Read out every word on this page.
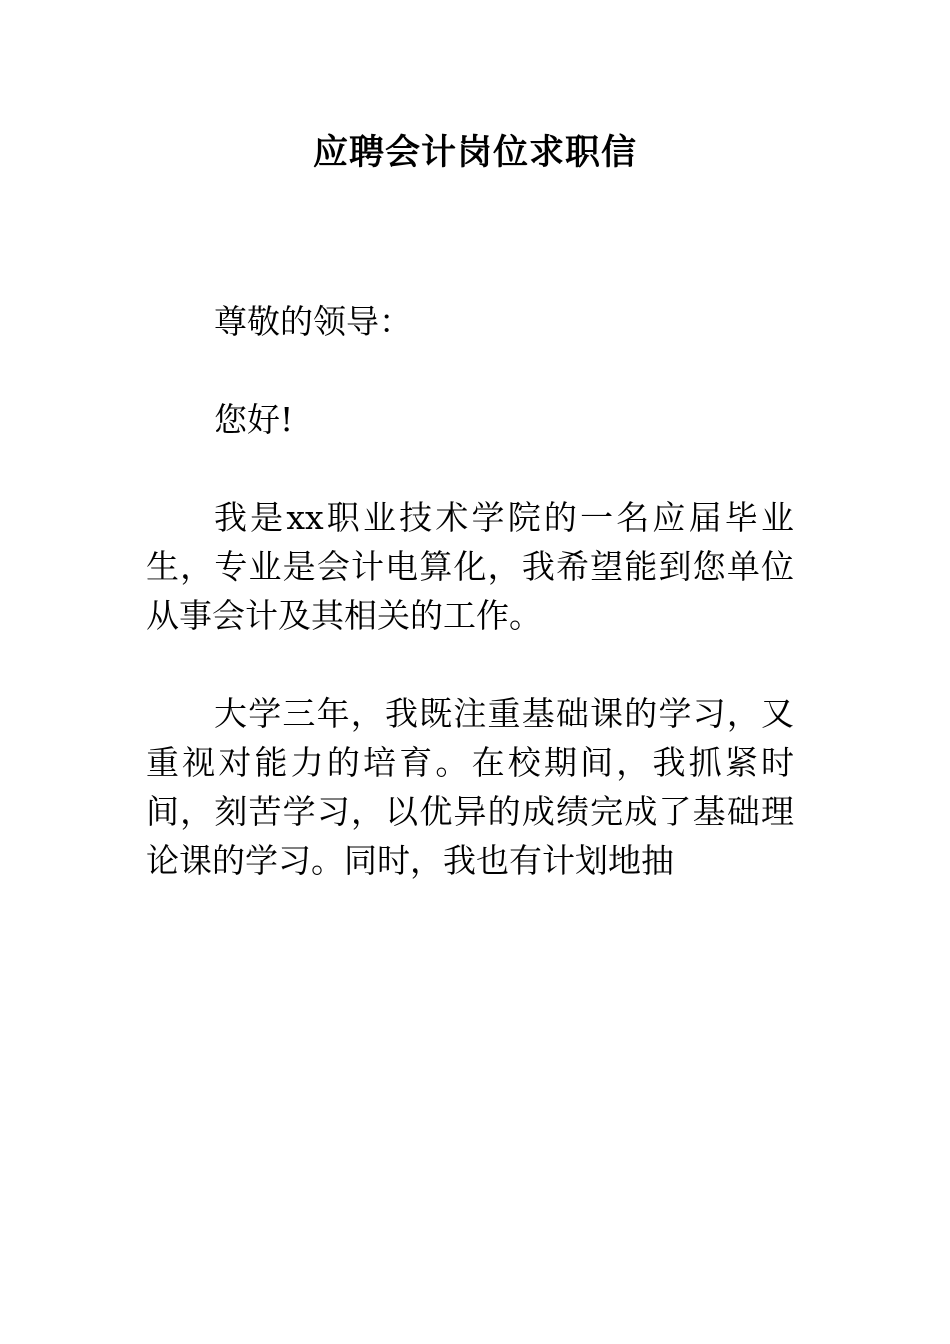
应聘会计岗位求职信

尊敬的领导：

您好!

我是xx职业技术学院的一名应届毕业生，专业是会计电算化，我希望能到您单位从事会计及其相关的工作。

大学三年，我既注重基础课的学习，又重视对能力的培育。在校期间，我抓紧时间，刻苦学习，以优异的成绩完成了基础理论课的学习。同时，我也有计划地抽
